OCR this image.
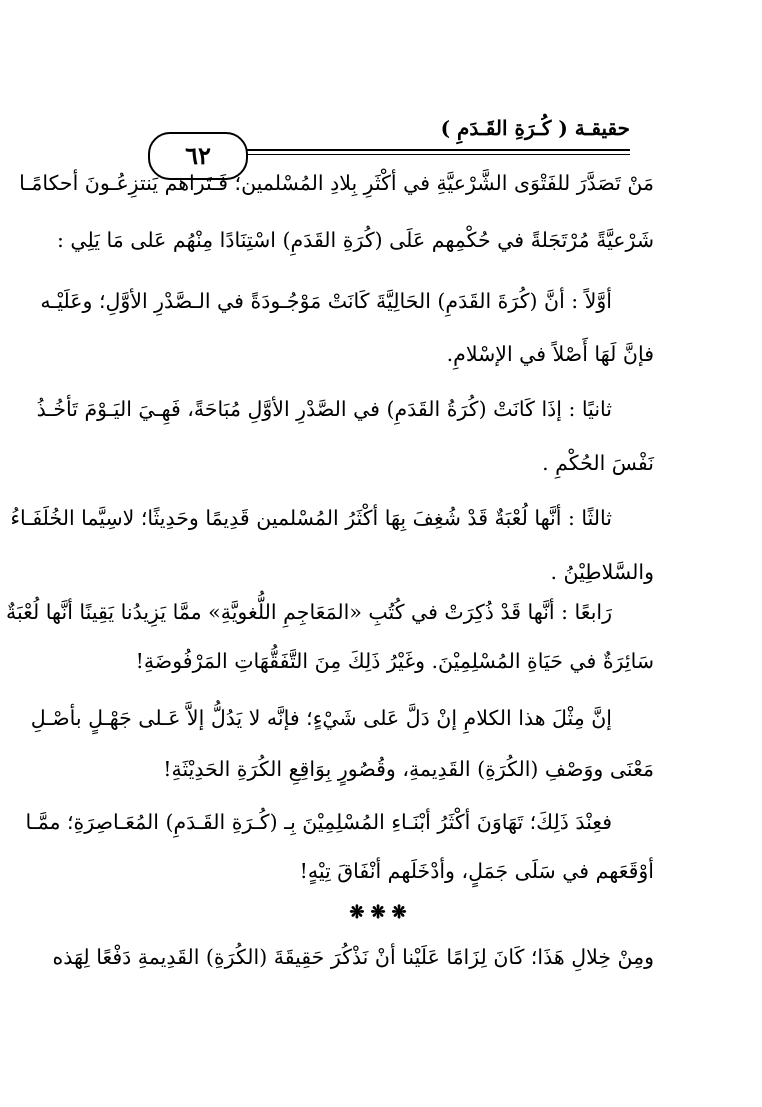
حقيقـة ( كُـرَةِ القَـدَمِ )
٦٢
مَنْ تَصَدَّرَ للفَتْوَى الشَّرْعيَّةِ في أكْثَرِ بِلادِ المُسْلمين؛ فَـتَراهم يَنتزِعُـونَ أحكامًـا
شَرْعيَّةً مُرْتَجَلةً في حُكْمِهم عَلَى (كُرَةِ القَدَمِ) اسْتِنَادًا مِنْهُم عَلى مَا يَلِي :
أوَّلاً : أنَّ (كُرَةَ القَدَمِ) الحَالِيَّةَ كَانَتْ مَوْجُـودَةً في الـصَّدْرِ الأوَّلِ؛ وعَلَيْـه
فإنَّ لَهَا أَصْلاً في الإسْلامِ.
ثانيًا : إذَا كَانَتْ (كُرَةُ القَدَمِ) في الصَّدْرِ الأوَّلِ مُبَاحَةً، فَهِـيَ اليَـوْمَ تَأخُـذُ
نَفْسَ الحُكْمِ .
ثالثًا : أنَّها لُعْبَةٌ قَدْ شُغِفَ بِهَا أكْثَرُ المُسْلمين قَدِيمًا وحَدِيثًا؛ لاسِيَّما الخُلَفَـاءُ
والسَّلاطِيْنُ .
رَابعًا : أنَّها قَدْ ذُكِرَتْ في كُتُبِ «المَعَاجِمِ اللُّغويَّةِ» ممَّا يَزِيدُنا يَقِينًا أنَّها لُعْبَةٌ
سَائِرَةٌ في حَيَاةِ المُسْلِمِيْنَ. وغَيْرُ ذَلِكَ مِنَ التَّفَقُّهَاتِ المَرْفُوضَةِ!
إنَّ مِثْلَ هذا الكلامِ إنْ دَلَّ عَلى شَيْءٍ؛ فإنَّه لا يَدُلُّ إلاَّ عَـلى جَهْـلٍ بأصْـلِ
مَعْنَى ووَصْفِ (الكُرَةِ) القَدِيمةِ، وقُصُورٍ بِوَاقِعِ الكُرَةِ الحَدِيْثَةِ!
فعِنْدَ ذَلِكَ؛ تَهَاوَنَ أكْثَرُ أبْنَـاءِ المُسْلِمِيْنَ بِـ (كُـرَةِ القَـدَمِ) المُعَـاصِرَةِ؛ ممَّـا
أوْقَعَهم في سَلَى جَمَلٍ، وأدْخَلَهم أنْفَاقَ تِيْهٍ!
❋❋❋
ومِنْ خِلالِ هَذَا؛ كَانَ لِزَامًا عَلَيْنا أنْ نَذْكُرَ حَقِيقَةَ (الكُرَةِ) القَدِيمةِ دَفْعًا لِهَذه
